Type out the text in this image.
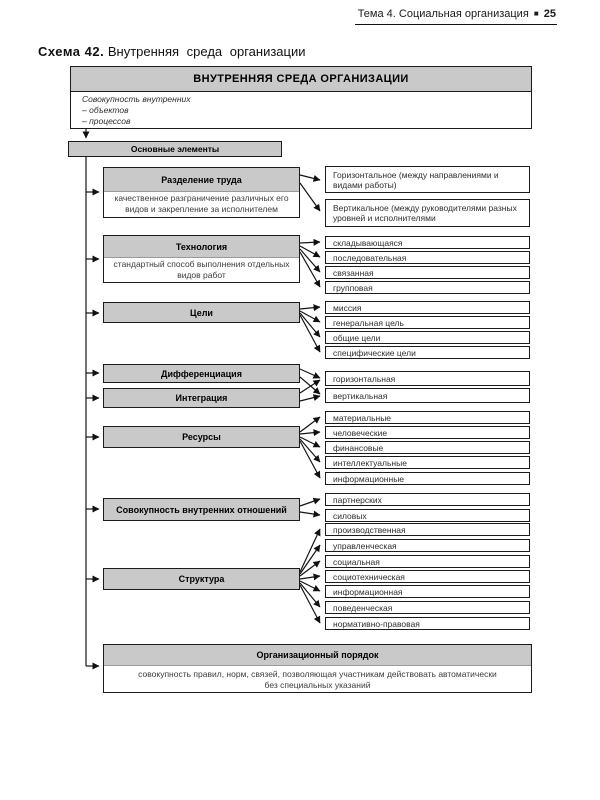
Тема 4. Социальная организация ■ 25
Схема 42. Внутренняя среда организации
ВНУТРЕННЯЯ СРЕДА ОРГАНИЗАЦИИ
Совокупность внутренних
– объектов
– процессов
Основные элементы
Разделение труда
качественное разграничение различных его видов и закрепление за исполнителем
Горизонтальное (между направлениями и видами работы)
Вертикальное (между руководителями разных уровней и исполнителями
Технология
стандартный способ выполнения отдельных видов работ
складывающаяся
последовательная
связанная
групповая
Цели	миссия
генеральная цель
общие цели
специфические цели
Дифференциация
Интеграция
горизонтальная
вертикальная
Ресурсы
материальные
человеческие
финансовые
интеллектуальные
информационные
Совокупность внутренних отношений
партнерских
силовых
Структура
производственная
управленческая
социальная
социотехническая
информационная
поведенческая
нормативно-правовая
Организационный порядок
совокупность правил, норм, связей, позволяющая участникам действовать автоматически
без специальных указаний
